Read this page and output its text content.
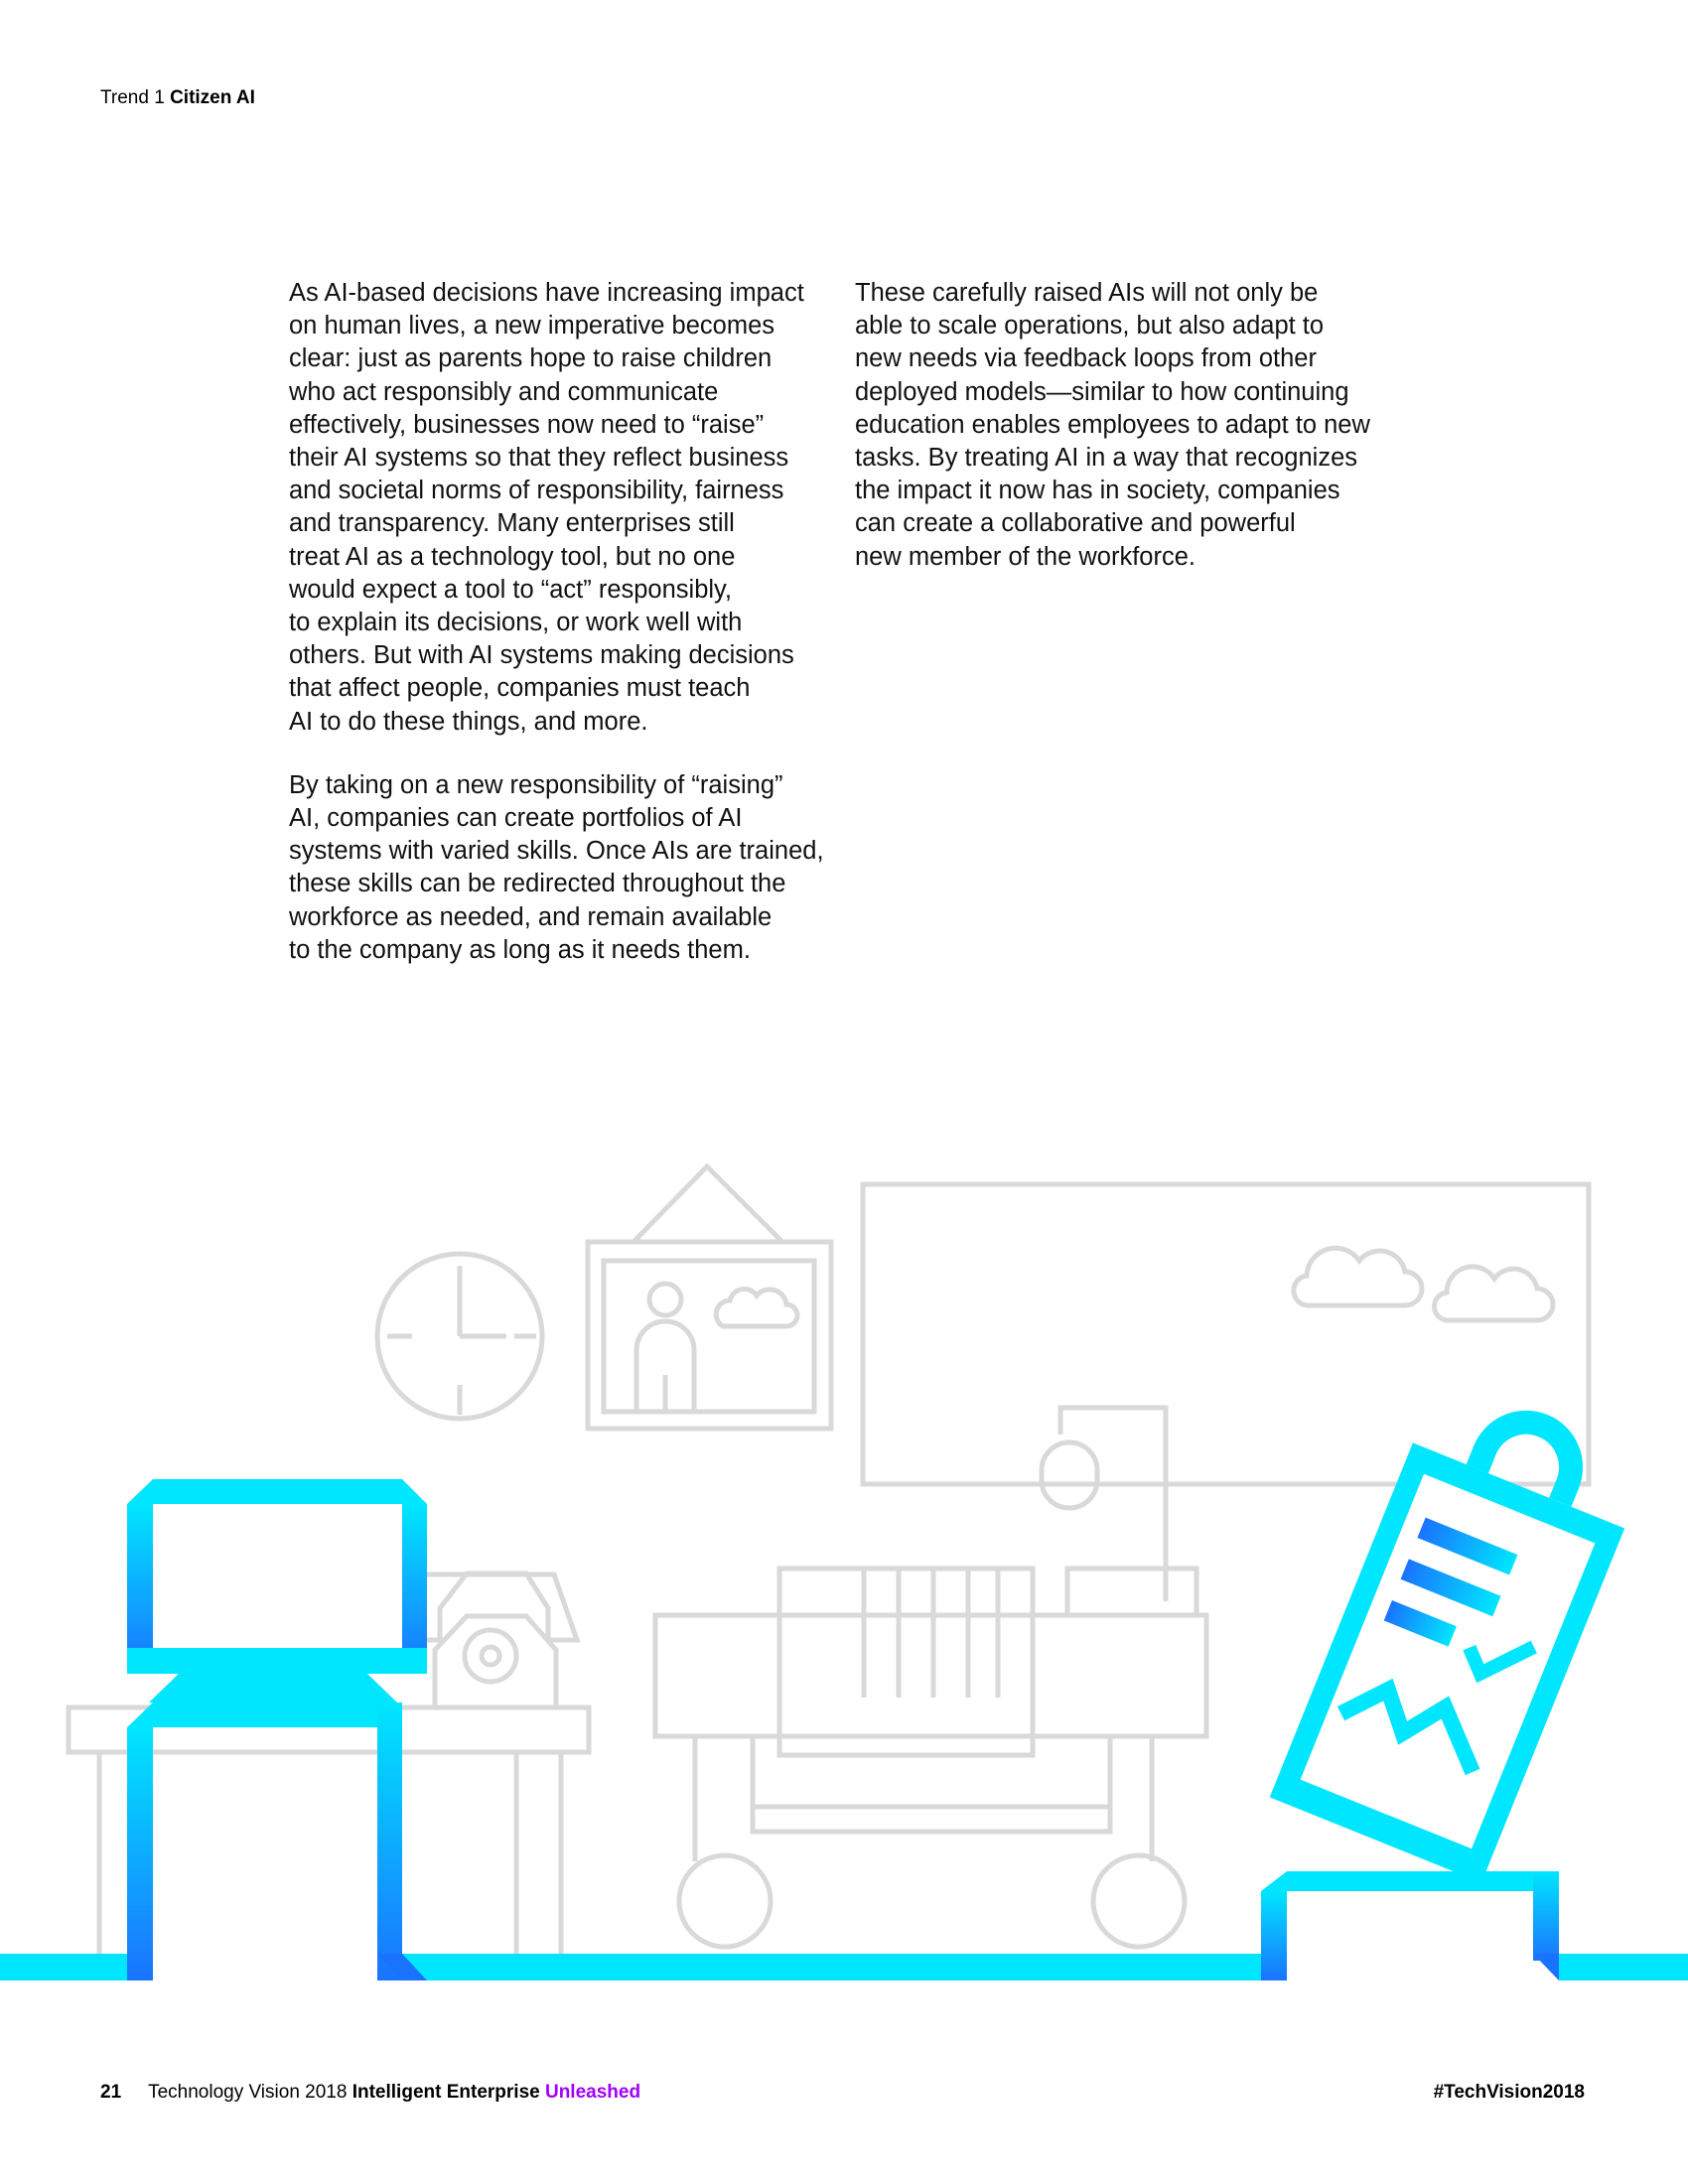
Trend 1 Citizen AI
As AI-based decisions have increasing impact
on human lives, a new imperative becomes
clear: just as parents hope to raise children
who act responsibly and communicate
effectively, businesses now need to “raise”
their AI systems so that they reflect business
and societal norms of responsibility, fairness
and transparency. Many enterprises still
treat AI as a technology tool, but no one
would expect a tool to “act” responsibly,
to explain its decisions, or work well with
others. But with AI systems making decisions
that affect people, companies must teach
AI to do these things, and more.
By taking on a new responsibility of “raising”
AI, companies can create portfolios of AI
systems with varied skills. Once AIs are trained,
these skills can be redirected throughout the
workforce as needed, and remain available
to the company as long as it needs them.
These carefully raised AIs will not only be
able to scale operations, but also adapt to
new needs via feedback loops from other
deployed models—similar to how continuing
education enables employees to adapt to new
tasks. By treating AI in a way that recognizes
the impact it now has in society, companies
can create a collaborative and powerful
new member of the workforce.
21 Technology Vision 2018 Intelligent Enterprise Unleashed	#TechVision2018
